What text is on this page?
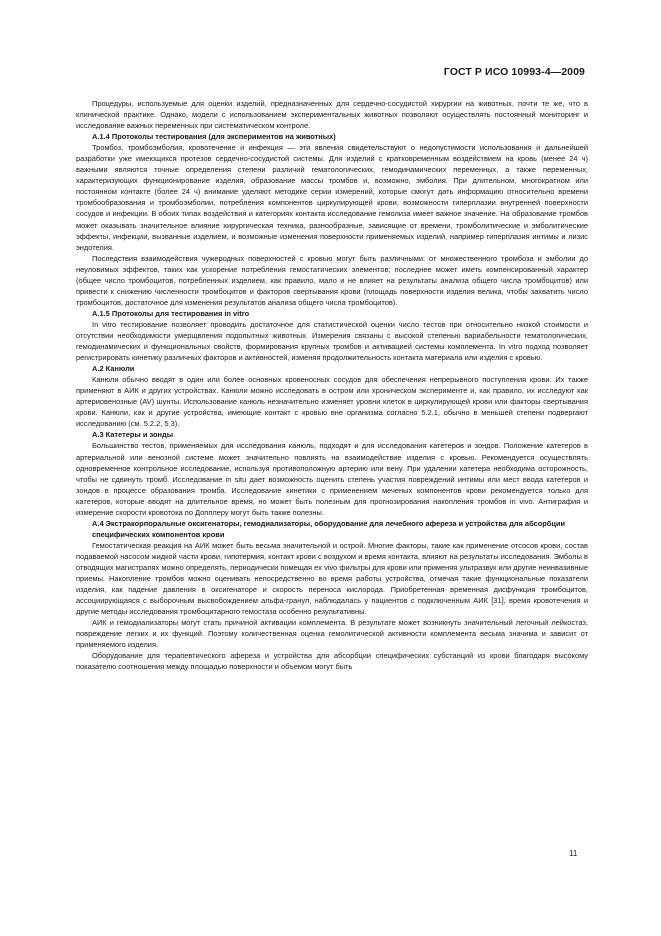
ГОСТ Р ИСО 10993-4—2009

Процедуры, используемые для оценки изделий, предназначенных для сердечно-сосудистой хирургии на животных, почти те же, что в клинической практике. Однако, модели с использованием экспериментальных животных позволяют осуществлять постоянный мониторинг и исследование важных переменных при систематическом контроле.

А.1.4 Протоколы тестирования (для экспериментов на животных)

Тромбоз, тромбоэмболия, кровотечение и инфекция — эти явления свидетельствуют о недопустимости использования и дальнейшей разработки уже имеющихся протезов сердечно-сосудистой системы. Для изделий с кратковременным воздействием на кровь (менее 24 ч) важными являются точные определения степени различий гематологических, гемодинамических переменных, а также переменных, характеризующих функционирование изделия, образование массы тромбов и, возможно, эмболия. При длительном, многократном или постоянном контакте (более 24 ч) внимание уделяют методике серии измерений, которые смогут дать информацию относительно времени тромбообразования и тромбоэмболии, потребления компонентов циркулирующей крови, возможности гиперплазии внутренней поверхности сосудов и инфекции. В обоих типах воздействия и категориях контакта исследование гемолиза имеет важное значение. На образование тромбов может оказывать значительное влияние хирургическая техника, разнообразные, зависящие от времени, тромболитические и эмболитические эффекты, инфекции, вызванные изделием, и возможные изменения поверхности применяемых изделий, например гиперплазия интимы и лизис эндотелия.

Последствия взаимодействия чужеродных поверхностей с кровью могут быть различными: от множественного тромбоза и эмболии до неуловимых эффектов, таких как ускорение потребления гемостатических элементов; последнее может иметь компенсированный характер (общее число тромбоцитов, потребленных изделием, как правило, мало и не влияет на результаты анализа общего числа тромбоцитов) или привести к снижению численности тромбоцитов и факторов свертывания крови (площадь поверхности изделия велика, чтобы захватить число тромбоцитов, достаточное для изменения результатов анализа общего числа тромбоцитов).

А.1.5 Протоколы для тестирования in vitro

In vitro тестирование позволяет проводить достаточное для статистической оценки число тестов при относительно низкой стоимости и отсутствии необходимости умерщвления подопытных животных. Измерения связаны с высокой степенью вариабельности гематологических, гемодинамических и функциональных свойств, формирования крупных тромбов и активацией системы комплемента. In vitro подход позволяет регистрировать кинетику различных факторов и активностей, изменяя продолжительность контакта материала или изделия с кровью.

А.2 Канюли

Канюли обычно вводят в один или более основных кровеносных сосудов для обеспечения непрерывного поступления крови. Их также применяют в АИК и других устройствах. Канюли можно исследовать в остром или хроническом эксперименте и, как правило, их исследуют как артериовенозные (AV) шунты. Использование канюль незначительно изменяет уровни клеток в циркулирующей крови или факторы свертывания крови. Канюли, как и другие устройства, имеющие контакт с кровью вне организма согласно 5.2.1, обычно в меньшей степени подвергают исследованию (см. 5.2.2, 5.3).

А.3 Катетеры и зонды

Большинство тестов, применяемых для исследования канюль, подходят и для исследования катетеров и зондов. Положение катетеров в артериальной или венозной системе может значительно повлиять на взаимодействие изделия с кровью. Рекомендуется осуществлять одновременное контрольное исследование, используя противоположную артерию или вену. При удалении катетера необходима осторожность, чтобы не сдвинуть тромб. Исследование in situ дает возможность оценить степень участия повреждений интимы или мест ввода катетеров и зондов в процессе образования тромба. Исследование кинетики с применением меченых компонентов крови рекомендуется только для катетеров, которые вводят на длительное время, но может быть полезным для прогнозирования накопления тромбов in vivo. Антиграфия и измерение скорости кровотока по Допплеру могут быть также полезны.

А.4 Экстракорпоральные оксигенаторы, гемодиализаторы, оборудование для лечебного афереза и устройства для абсорбции специфических компонентов крови

Гемостатическая реакция на АИК может быть весьма значительной и острой. Многие факторы, такие как применение отсосов крови, состав подаваемой насосом жидкой части крови, гипотермия, контакт крови с воздухом и время контакта, влияют на результаты исследования. Эмболы в отводящих магистралях можно определять, периодически помещая ex vivo фильтры для крови или применяя ультразвук или другие неинвазивные приемы. Накопление тромбов можно оценивать непосредственно во время работы устройства, отмечая такие функциональные показатели изделия, как падение давления в оксигенаторе и скорость переноса кислорода. Приобретенная временная дисфункция тромбоцитов, ассоциирующаяся с выборочным высвобождением альфа-гранул, наблюдалась у пациентов с подключенным АИК [31], время кровотечения и другие методы исследования тромбоцитарного гемостаза особенно результативны.

АИК и гемодиализаторы могут стать причиной активации комплемента. В результате может возникнуть значительный легочный лейкостаз, повреждение легких и их функций. Поэтому количественная оценка гемолитической активности комплемента весьма значима и зависит от применяемого изделия.

Оборудование для терапевтического афереза и устройства для абсорбции специфических субстанций из крови благодаря высокому показателю соотношения между площадью поверхности и объемом могут быть

11
